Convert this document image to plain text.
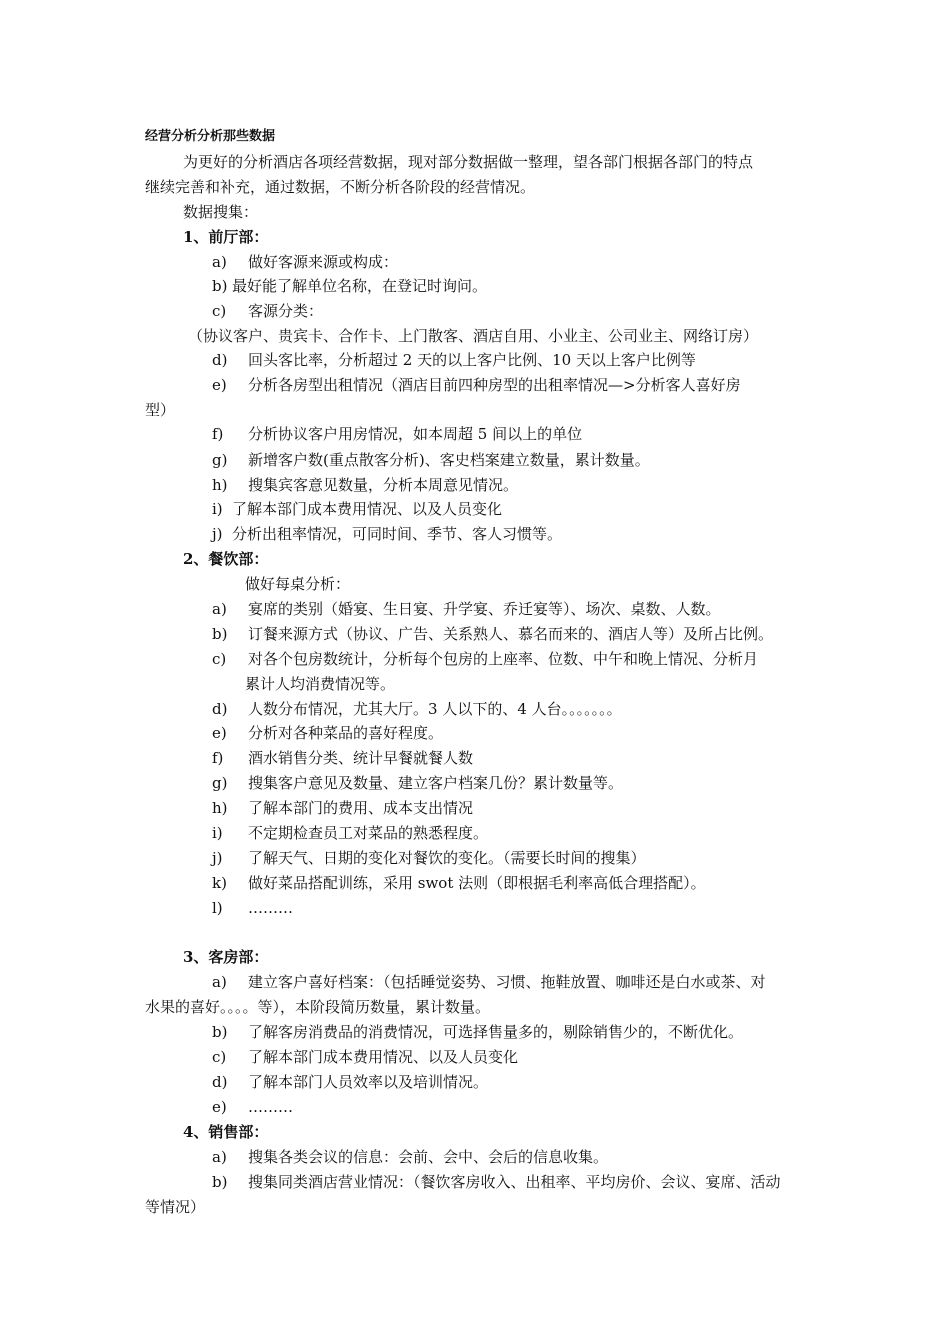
经营分析分析那些数据
为更好的分析酒店各项经营数据，现对部分数据做一整理，望各部门根据各部门的特点
继续完善和补充，通过数据，不断分析各阶段的经营情况。
数据搜集：
1、前厅部：
a) 做好客源来源或构成：
b) 最好能了解单位名称，在登记时询问。
c) 客源分类：
（协议客户、贵宾卡、合作卡、上门散客、酒店自用、小业主、公司业主、网络订房）
d) 回头客比率，分析超过 2 天的以上客户比例、10 天以上客户比例等
e) 分析各房型出租情况（酒店目前四种房型的出租率情况—>分析客人喜好房
型）
f) 分析协议客户用房情况，如本周超 5 间以上的单位
g) 新增客户数(重点散客分析)、客史档案建立数量，累计数量。
h) 搜集宾客意见数量，分析本周意见情况。
i) 了解本部门成本费用情况、以及人员变化
j) 分析出租率情况，可同时间、季节、客人习惯等。
2、餐饮部：
做好每桌分析：
a) 宴席的类别（婚宴、生日宴、升学宴、乔迁宴等）、场次、桌数、人数。
b) 订餐来源方式（协议、广告、关系熟人、慕名而来的、酒店人等）及所占比例。
c) 对各个包房数统计，分析每个包房的上座率、位数、中午和晚上情况、分析月
累计人均消费情况等。
d) 人数分布情况，尤其大厅。3 人以下的、4 人台。。。。。。。
e) 分析对各种菜品的喜好程度。
f) 酒水销售分类、统计早餐就餐人数
g) 搜集客户意见及数量、建立客户档案几份？累计数量等。
h) 了解本部门的费用、成本支出情况
i) 不定期检查员工对菜品的熟悉程度。
j) 了解天气、日期的变化对餐饮的变化。（需要长时间的搜集）
k) 做好菜品搭配训练，采用 swot 法则（即根据毛利率高低合理搭配）。
l) ………
3、客房部：
a) 建立客户喜好档案：（包括睡觉姿势、习惯、拖鞋放置、咖啡还是白水或茶、对
水果的喜好。。。。等），本阶段简历数量，累计数量。
b) 了解客房消费品的消费情况，可选择售量多的，剔除销售少的，不断优化。
c) 了解本部门成本费用情况、以及人员变化
d) 了解本部门人员效率以及培训情况。
e) ………
4、销售部：
a) 搜集各类会议的信息：会前、会中、会后的信息收集。
b) 搜集同类酒店营业情况：（餐饮客房收入、出租率、平均房价、会议、宴席、活动
等情况）
